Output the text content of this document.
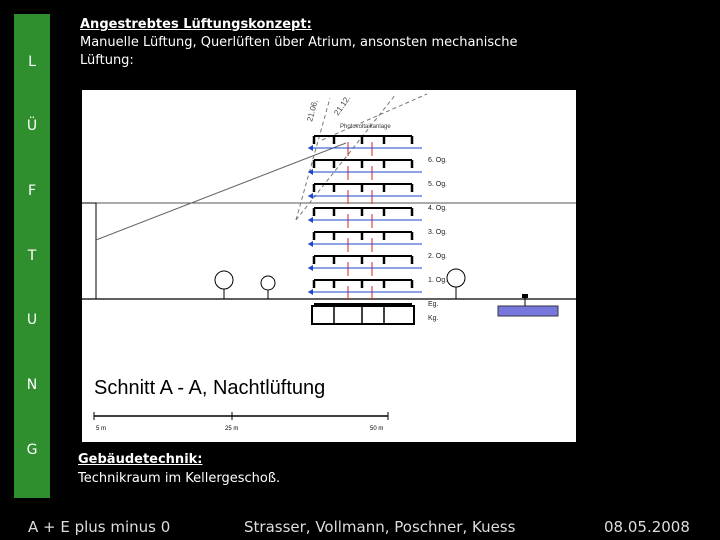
L
Ü
F
T
U
N
G
Angestrebtes Lüftungskonzept:
Manuelle Lüftung, Querlüften über Atrium, ansonsten mechanische Lüftung:
21.06. 21.12.
Photovoltaikanlage
6. Og.
5. Og.
4. Og.
3. Og.
2. Og.
1. Og.
Eg.
Kg.
Schnitt A - A, Nachtlüftung
5 m	25 m	50 m
Gebäudetechnik:
Technikraum im Kellergeschoß.
A + E plus minus 0	Strasser, Vollmann, Poschner, Kuess	08.05.2008
